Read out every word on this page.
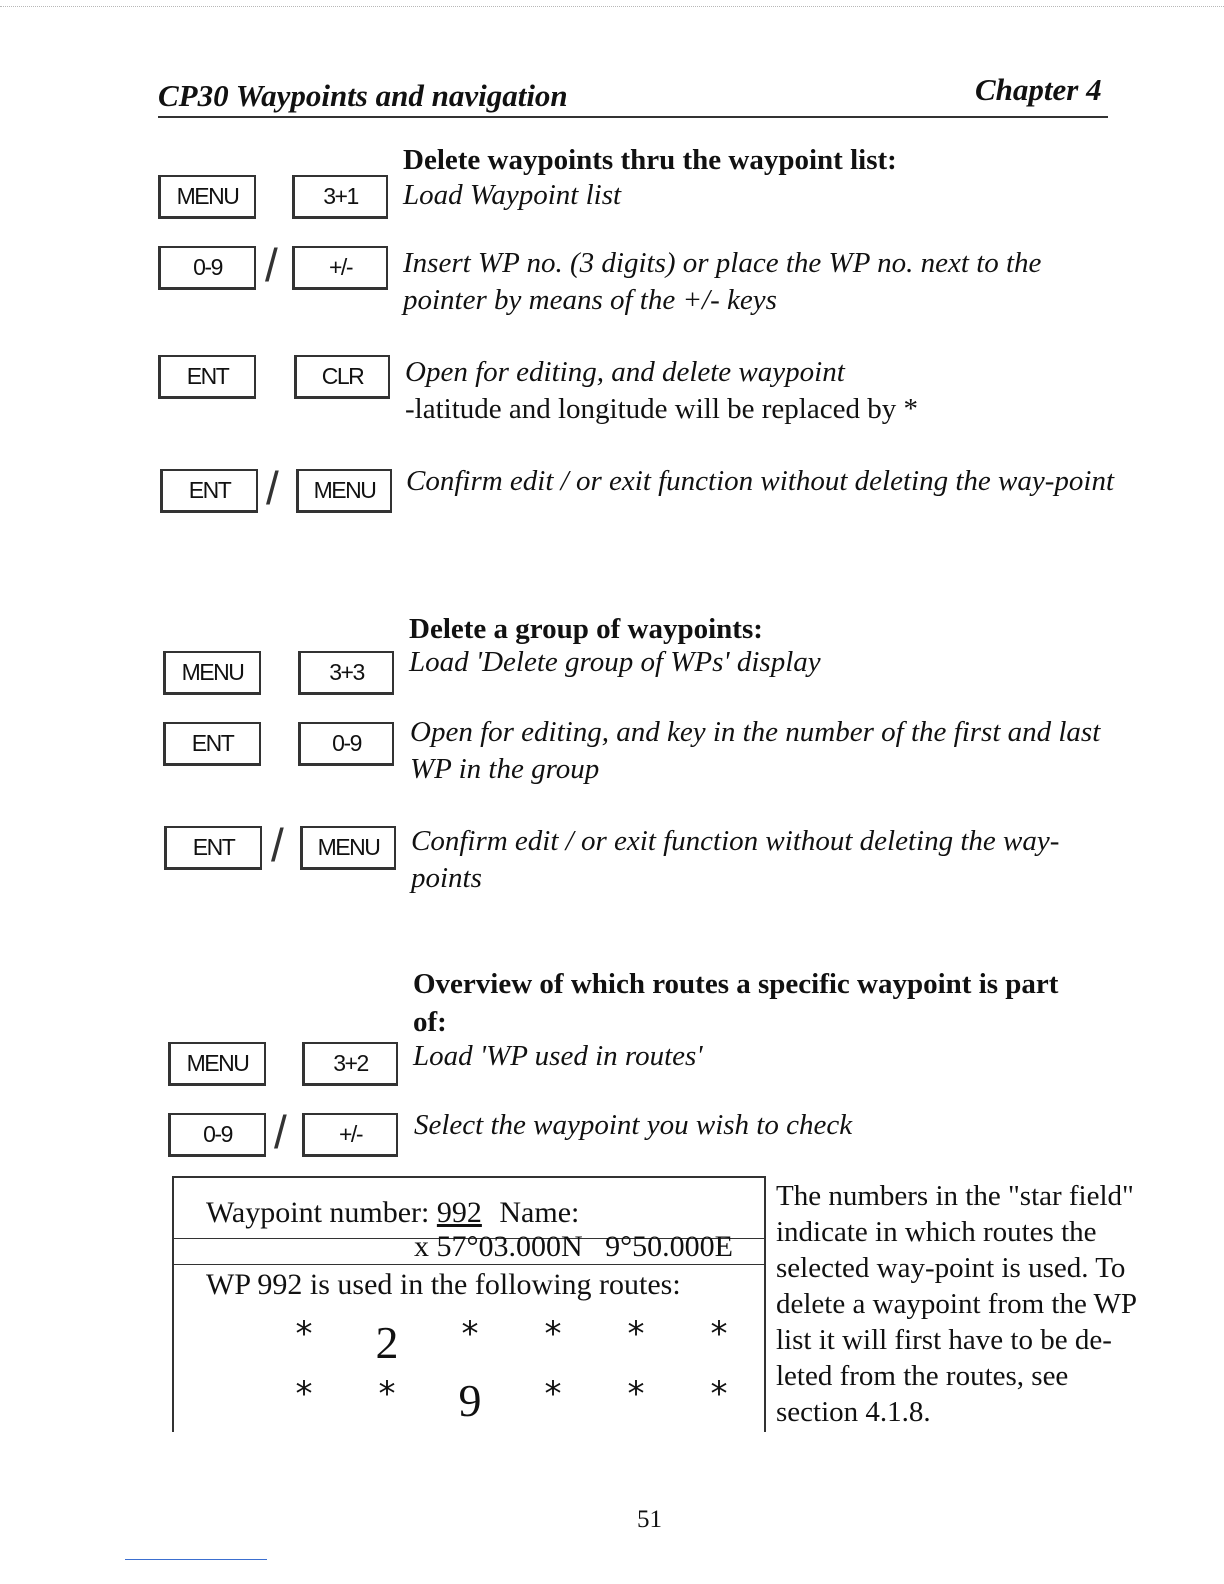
CP30 Waypoints and navigation	Chapter 4
Delete waypoints thru the waypoint list:
MENU	3+1	Load Waypoint list
0-9 /	+/-	Insert WP no. (3 digits) or place the WP no. next to the pointer by means of the +/- keys
ENT	CLR	Open for editing, and delete waypoint
-latitude and longitude will be replaced by *
ENT /	MENU	Confirm edit / or exit function without deleting the way-point
Delete a group of waypoints:
MENU	3+3	Load 'Delete group of WPs' display
ENT	0-9	Open for editing, and key in the number of the first and last WP in the group
ENT /	MENU	Confirm edit / or exit function without deleting the way-points
Overview of which routes a specific waypoint is part of:
MENU	3+2	Load 'WP used in routes'
0-9 /	+/-	Select the waypoint you wish to check
Waypoint number: 992 Name:
x 57°03.000N   9°50.000E
WP 992 is used in the following routes:
*	2	*	*	*	*
*	*	9	*	*	*
The numbers in the "star field" indicate in which routes the selected way-point is used. To delete a waypoint from the WP list it will first have to be de-leted from the routes, see section 4.1.8.
51
